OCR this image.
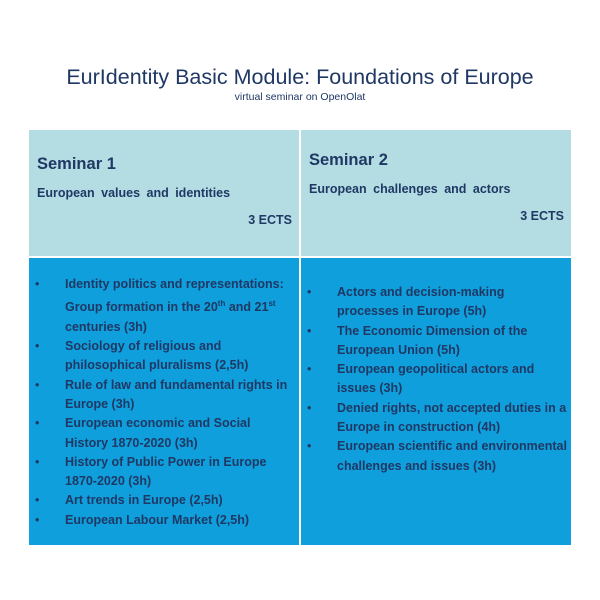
EurIdentity Basic Module: Foundations of Europe
virtual seminar on OpenOlat
Seminar 1
European values and identities
3 ECTS
Seminar 2
European challenges and actors
3 ECTS
• Identity politics and representations: Group formation in the 20th and 21st centuries (3h)
• Sociology of religious and philosophical pluralisms (2,5h)
• Rule of law and fundamental rights in Europe (3h)
• European economic and Social History 1870-2020 (3h)
• History of Public Power in Europe 1870-2020 (3h)
• Art trends in Europe (2,5h)
• European Labour Market (2,5h)
• Actors and decision-making processes in Europe (5h)
• The Economic Dimension of the European Union (5h)
• European geopolitical actors and issues (3h)
• Denied rights, not accepted duties in a Europe in construction (4h)
• European scientific and environmental challenges and issues (3h)
